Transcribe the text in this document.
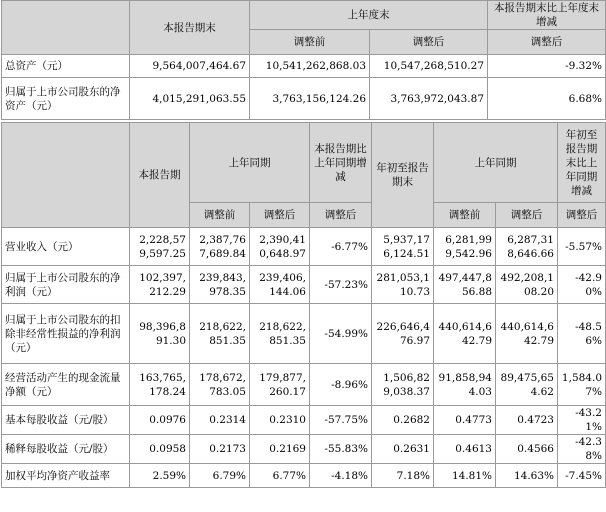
	本报告期末	上年度末		本报告期末比上年度末增减
		调整前	调整后	调整后
总资产（元）	9,564,007,464.67	10,541,262,868.03	10,547,268,510.27	-9.32%
归属于上市公司股东的净资产（元）	4,015,291,063.55	3,763,156,124.26	3,763,972,043.87	6.68%
	本报告期	上年同期		本报告期比上年同期增减	年初至报告期末	上年同期		年初至报告期末比上年同期增减
		调整前	调整后	调整后		调整前	调整后	调整后
营业收入（元）	2,228,579,597.25	2,387,767,689.84	2,390,410,648.97	-6.77%	5,937,176,124.51	6,281,999,542.96	6,287,318,646.66	-5.57%
归属于上市公司股东的净利润（元）	102,397,212.29	239,843,978.35	239,406,144.06	-57.23%	281,053,110.73	497,447,856.88	492,208,108.20	-42.90%
归属于上市公司股东的扣除非经常性损益的净利润（元）	98,396,891.30	218,622,851.35	218,622,851.35	-54.99%	226,646,476.97	440,614,642.79	440,614,642.79	-48.56%
经营活动产生的现金流量净额（元）	163,765,178.24	178,672,783.05	179,877,260.17	-8.96%	1,506,829,038.37	91,858,944.03	89,475,654.62	1,584.07%
基本每股收益（元/股）	0.0976	0.2314	0.2310	-57.75%	0.2682	0.4773	0.4723	-43.21%
稀释每股收益（元/股）	0.0958	0.2173	0.2169	-55.83%	0.2631	0.4613	0.4566	-42.38%
加权平均净资产收益率	2.59%	6.79%	6.77%	-4.18%	7.18%	14.81%	14.63%	-7.45%
